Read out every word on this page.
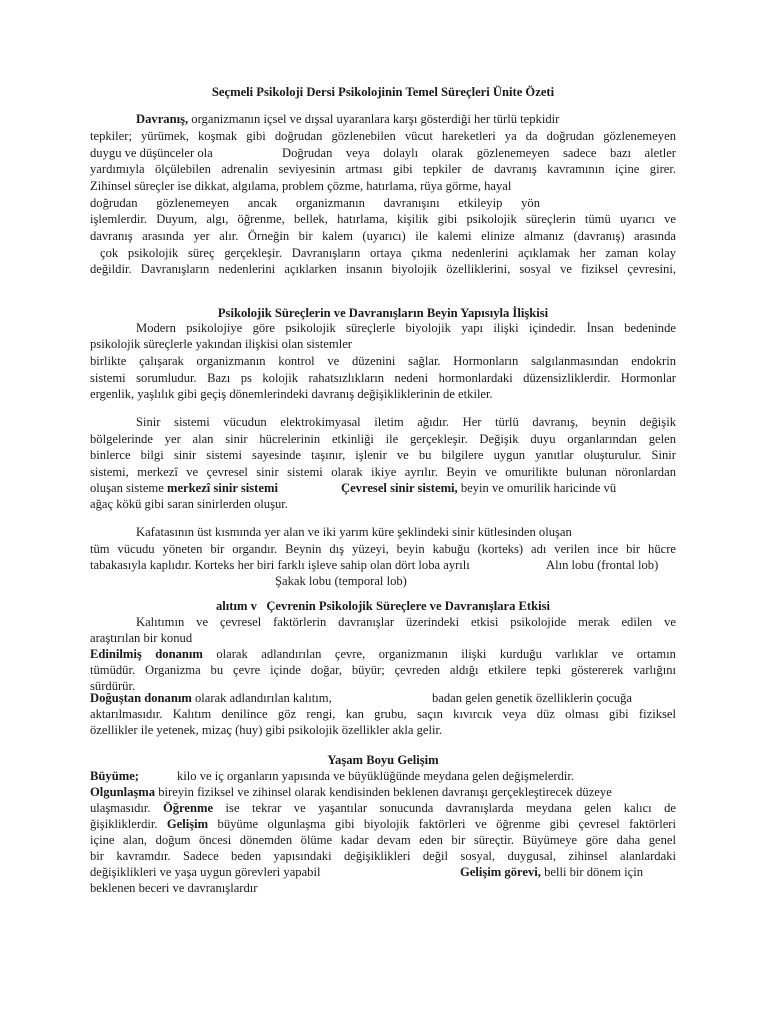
Seçmeli Psikoloji Dersi Psikolojinin Temel Süreçleri Ünite Özeti
Davranış, organizmanın içsel ve dışsal uyaranlara karşı gösterdiği her türlü tepkidir
tepkiler; yürümek, koşmak gibi doğrudan gözlenebilen vücut hareketleri ya da doğrudan gözlenemeyen
duygu ve düşünceler ola	Doğrudan veya dolaylı olarak gözlenemeyen sadece bazı aletler
yardımıyla ölçülebilen adrenalin seviyesinin artması gibi tepkiler de davranış kavramının içine girer.
Zihinsel süreçler ise dikkat, algılama, problem çözme, hatırlama, rüya görme, hayal
doğrudan gözlenemeyen ancak organizmanın davranışını etkileyip yön
işlemlerdir. Duyum, algı, öğrenme, bellek, hatırlama, kişilik gibi psikolojik süreçlerin tümü uyarıcı ve
davranış arasında yer alır. Örneğin bir kalem (uyarıcı) ile kalemi elinize almanız (davranış) arasında
çok psikolojik süreç gerçekleşir. Davranışların ortaya çıkma nedenlerini açıklamak her zaman kolay
değildir. Davranışların nedenlerini açıklarken insanın biyolojik özelliklerini, sosyal ve fiziksel çevresini,
Psikolojik Süreçlerin ve Davranışların Beyin Yapısıyla İlişkisi
Modern psikolojiye göre psikolojik süreçlerle biyolojik yapı ilişki içindedir. İnsan bedeninde
psikolojik süreçlerle yakından ilişkisi olan sistemler
birlikte çalışarak organizmanın kontrol ve düzenini sağlar. Hormonların salgılanmasından endokrin
sistemi sorumludur. Bazı ps kolojik rahatsızlıkların nedeni hormonlardaki düzensizliklerdir. Hormonlar
ergenlik, yaşlılık gibi geçiş dönemlerindeki davranış değişikliklerinin de etkiler.
Sinir sistemi vücudun elektrokimyasal iletim ağıdır. Her türlü davranış, beynin değişik
bölgelerinde yer alan sinir hücrelerinin etkinliği ile gerçekleşir. Değişik duyu organlarından gelen
binlerce bilgi sinir sistemi sayesinde taşınır, işlenir ve bu bilgilere uygun yanıtlar oluşturulur. Sinir
sistemi, merkezî ve çevresel sinir sistemi olarak ikiye ayrılır. Beyin ve omurilikte bulunan nöronlardan
oluşan sisteme merkezî sinir sistemi	Çevresel sinir sistemi, beyin ve omurilik haricinde vü
ağaç kökü gibi saran sinirlerden oluşur.
Kafatasının üst kısmında yer alan ve iki yarım küre şeklindeki sinir kütlesinden oluşan
tüm vücudu yöneten bir organdır. Beynin dış yüzeyi, beyin kabuğu (korteks) adı verilen ince bir hücre
tabakasıyla kaplıdır. Korteks her biri farklı işleve sahip olan dört loba ayrılı	Alın lobu (frontal lob)
Şakak lobu (temporal lob)
alıtım v   Çevrenin Psikolojik Süreçlere ve Davranışlara Etkisi
Kalıtımın ve çevresel faktörlerin davranışlar üzerindeki etkisi psikolojide merak edilen ve
araştırılan bir konud
Edinilmiş donanım olarak adlandırılan çevre, organizmanın ilişki kurduğu varlıklar ve ortamın
tümüdür. Organizma bu çevre içinde doğar, büyür; çevreden aldığı etkilere tepki göstererek varlığını
sürdürür.
Doğuştan donanım olarak adlandırılan kalıtım,	badan gelen genetik özelliklerin çocuğa
aktarılmasıdır. Kalıtım denilince göz rengi, kan grubu, saçın kıvırcık veya düz olması gibi fiziksel
özellikler ile yetenek, mizaç (huy) gibi psikolojik özellikler akla gelir.
Yaşam Boyu Gelişim
Büyüme;	kilo ve iç organların yapısında ve büyüklüğünde meydana gelen değişmelerdir.
Olgunlaşma bireyin fiziksel ve zihinsel olarak kendisinden beklenen davranışı gerçekleştirecek düzeye
ulaşmasıdır. Öğrenme ise tekrar ve yaşantılar sonucunda davranışlarda meydana gelen kalıcı de
ğişikliklerdir. Gelişim büyüme olgunlaşma gibi biyolojik faktörleri ve öğrenme gibi çevresel faktörleri
içine alan, doğum öncesi dönemden ölüme kadar devam eden bir süreçtir. Büyümeye göre daha genel
bir kavramdır. Sadece beden yapısındaki değişiklikleri değil sosyal, duygusal, zihinsel alanlardaki
değişiklikleri ve yaşa uygun görevleri yapabil	Gelişim görevi, belli bir dönem için
beklenen beceri ve davranışlardır
